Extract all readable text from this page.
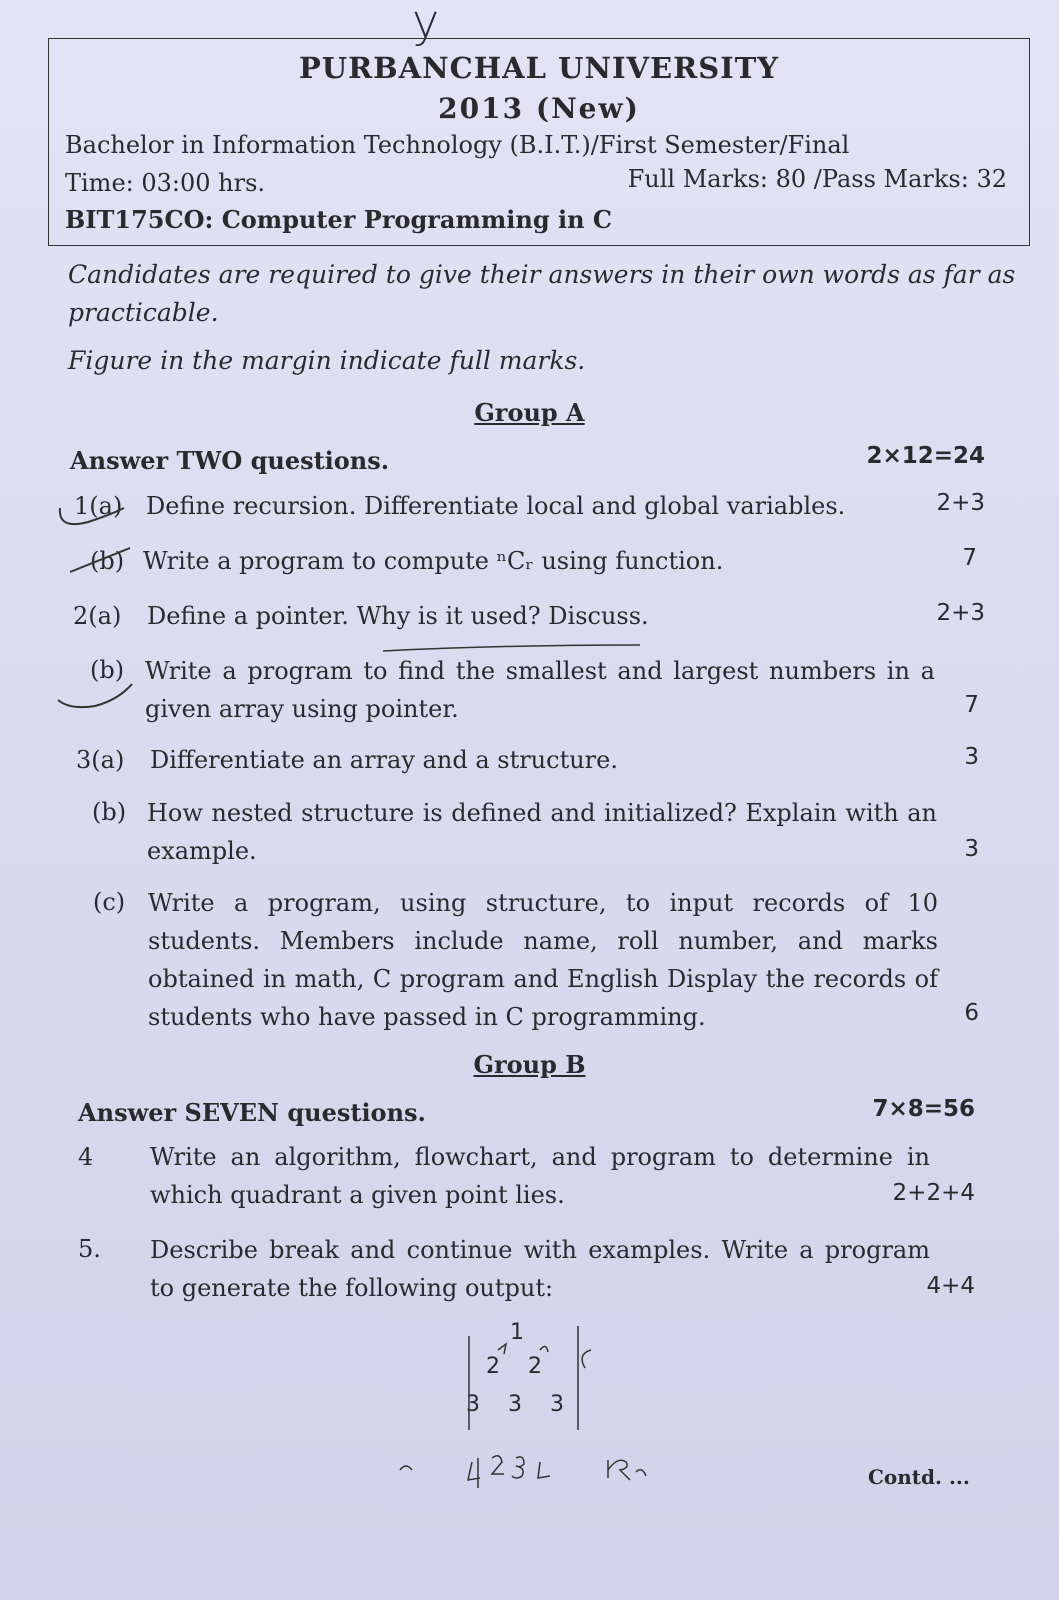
y
PURBANCHAL UNIVERSITY
2013 (New)
Bachelor in Information Technology (B.I.T.)/First Semester/Final
Time: 03:00 hrs.	Full Marks: 80 /Pass Marks: 32
BIT175CO: Computer Programming in C
Candidates are required to give their answers in their own words as far as practicable.
Figure in the margin indicate full marks.
Group A
Answer TWO questions.	2×12=24
1(a) Define recursion. Differentiate local and global variables.	2+3
(b) Write a program to compute ⁿCᵣ using function.	7
2(a) Define a pointer. Why is it used? Discuss.	2+3
(b) Write a program to find the smallest and largest numbers in a given array using pointer.	7
3(a) Differentiate an array and a structure.	3
(b) How nested structure is defined and initialized? Explain with an example.	3
(c) Write a program, using structure, to input records of 10 students. Members include name, roll number, and marks obtained in math, C program and English Display the records of students who have passed in C programming.	6
Group B
Answer SEVEN questions.	7×8=56
4 Write an algorithm, flowchart, and program to determine in which quadrant a given point lies.	2+2+4
5. Describe break and continue with examples. Write a program to generate the following output:	4+4
1
2 2
3 3 3
Contd. ...
